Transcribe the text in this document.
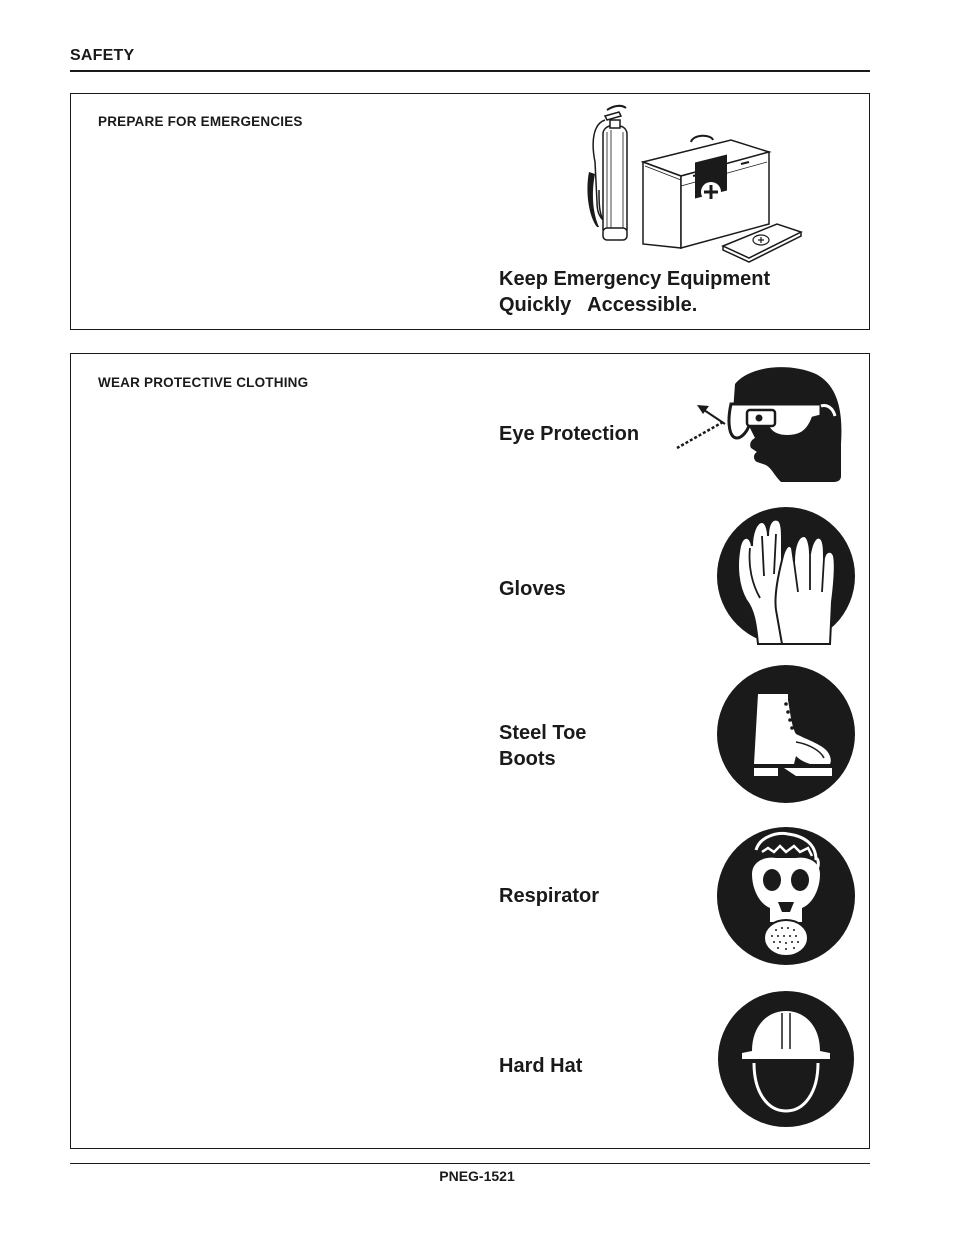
SAFETY
PREPARE FOR EMERGENCIES
Keep Emergency Equipment
Quickly   Accessible.
WEAR PROTECTIVE CLOTHING
Eye Protection
Gloves
Steel Toe Boots
Respirator
Hard Hat
PNEG-1521
